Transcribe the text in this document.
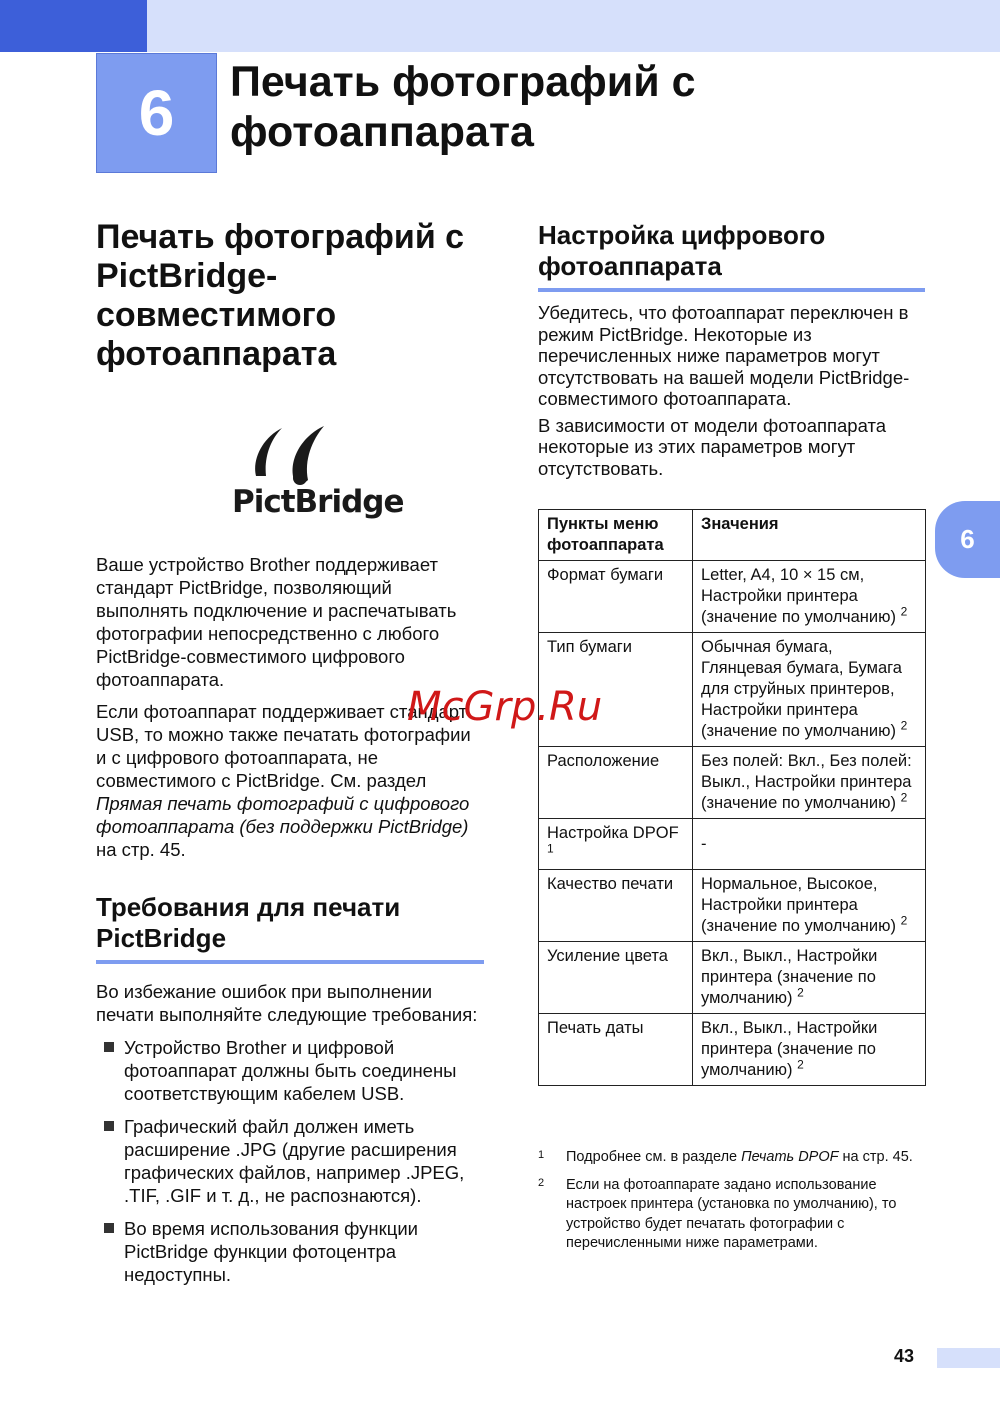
6 Печать фотографий с
фотоаппарата
Печать фотографий с
PictBridge-
совместимого
фотоаппарата

Ваше устройство Brother поддерживает стандарт PictBridge, позволяющий выполнять подключение и распечатывать фотографии непосредственно с любого PictBridge-совместимого цифрового фотоаппарата.

Если фотоаппарат поддерживает стандарт USB, то можно также печатать фотографии и с цифрового фотоаппарата, не совместимого с PictBridge. См. раздел Прямая печать фотографий с цифрового фотоаппарата (без поддержки PictBridge) на стр. 45.

Требования для печати
PictBridge

Во избежание ошибок при выполнении печати выполняйте следующие требования:

Устройство Brother и цифровой фотоаппарат должны быть соединены соответствующим кабелем USB.

Графический файл должен иметь расширение .JPG (другие расширения графических файлов, например .JPEG, .TIF, .GIF и т. д., не распознаются).

Во время использования функции PictBridge функции фотоцентра недоступны.

PictBridge
Настройка цифрового
фотоаппарата

Убедитесь, что фотоаппарат переключен в режим PictBridge. Некоторые из перечисленных ниже параметров могут отсутствовать на вашей модели PictBridge-совместимого фотоаппарата.

В зависимости от модели фотоаппарата некоторые из этих параметров могут отсутствовать.

Пункты меню фотоаппарата	Значения
Формат бумаги	Letter, A4, 10 × 15 см, Настройки принтера (значение по умолчанию) $^2$
Тип бумаги	Обычная бумага, Глянцевая бумага, Бумага для струйных принтеров, Настройки принтера (значение по умолчанию) $^2$
Расположение	Без полей: Вкл., Без полей: Выкл., Настройки принтера (значение по умолчанию) $^2$
Настройка DPOF $^1$	-
Качество печати	Нормальное, Высокое, Настройки принтера (значение по умолчанию) $^2$
Усиление цвета	Вкл., Выкл., Настройки принтера (значение по умолчанию) $^2$
Печать даты	Вкл., Выкл., Настройки принтера (значение по умолчанию) $^2$
1	Подробнее см. в разделе Печать DPOF на стр. 45.
2	Если на фотоаппарате задано использование настроек принтера (установка по умолчанию), то устройство будет печатать фотографии с перечисленными ниже параметрами.
6
McGrp.Ru
43
